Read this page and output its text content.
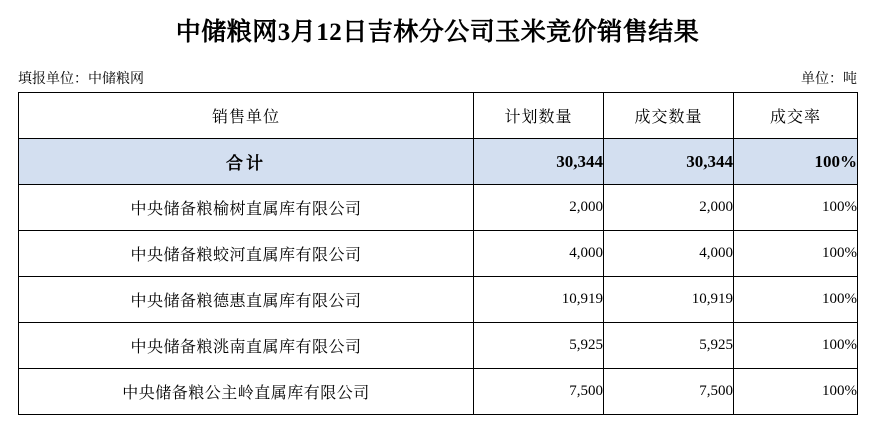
中储粮网3月12日吉林分公司玉米竞价销售结果
填报单位：中储粮网	单位：吨
销售单位	计划数量	成交数量	成交率
合计	30,344	30,344	100%
中央储备粮榆树直属库有限公司	2,000	2,000	100%
中央储备粮蛟河直属库有限公司	4,000	4,000	100%
中央储备粮德惠直属库有限公司	10,919	10,919	100%
中央储备粮洮南直属库有限公司	5,925	5,925	100%
中央储备粮公主岭直属库有限公司	7,500	7,500	100%
